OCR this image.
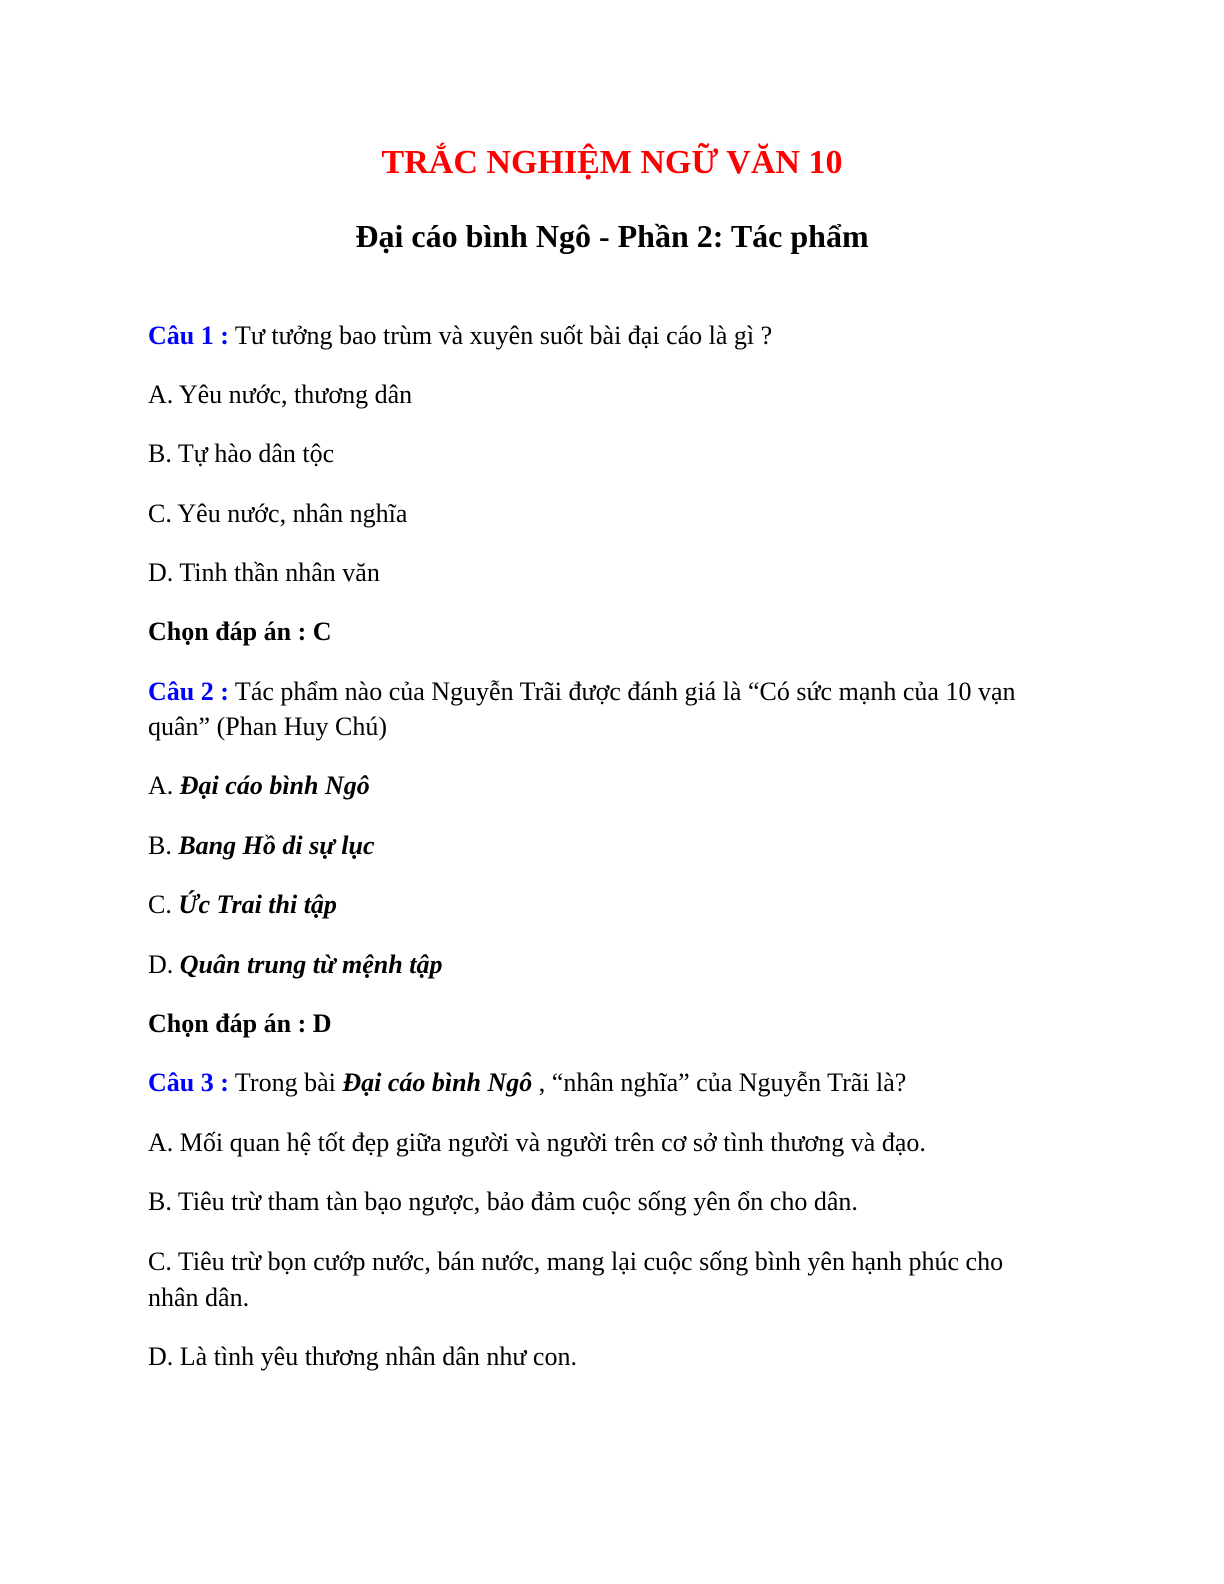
TRẮC NGHIỆM NGỮ VĂN 10
Đại cáo bình Ngô - Phần 2: Tác phẩm
Câu 1 : Tư tưởng bao trùm và xuyên suốt bài đại cáo là gì ?
A. Yêu nước, thương dân
B. Tự hào dân tộc
C. Yêu nước, nhân nghĩa
D. Tinh thần nhân văn
Chọn đáp án : C
Câu 2 : Tác phẩm nào của Nguyễn Trãi được đánh giá là “Có sức mạnh của 10 vạn
quân” (Phan Huy Chú)
A. Đại cáo bình Ngô
B. Bang Hồ di sự lục
C. Ức Trai thi tập
D. Quân trung từ mệnh tập
Chọn đáp án : D
Câu 3 : Trong bài Đại cáo bình Ngô , “nhân nghĩa” của Nguyễn Trãi là?
A. Mối quan hệ tốt đẹp giữa người và người trên cơ sở tình thương và đạo.
B. Tiêu trừ tham tàn bạo ngược, bảo đảm cuộc sống yên ổn cho dân.
C. Tiêu trừ bọn cướp nước, bán nước, mang lại cuộc sống bình yên hạnh phúc cho
nhân dân.
D. Là tình yêu thương nhân dân như con.
